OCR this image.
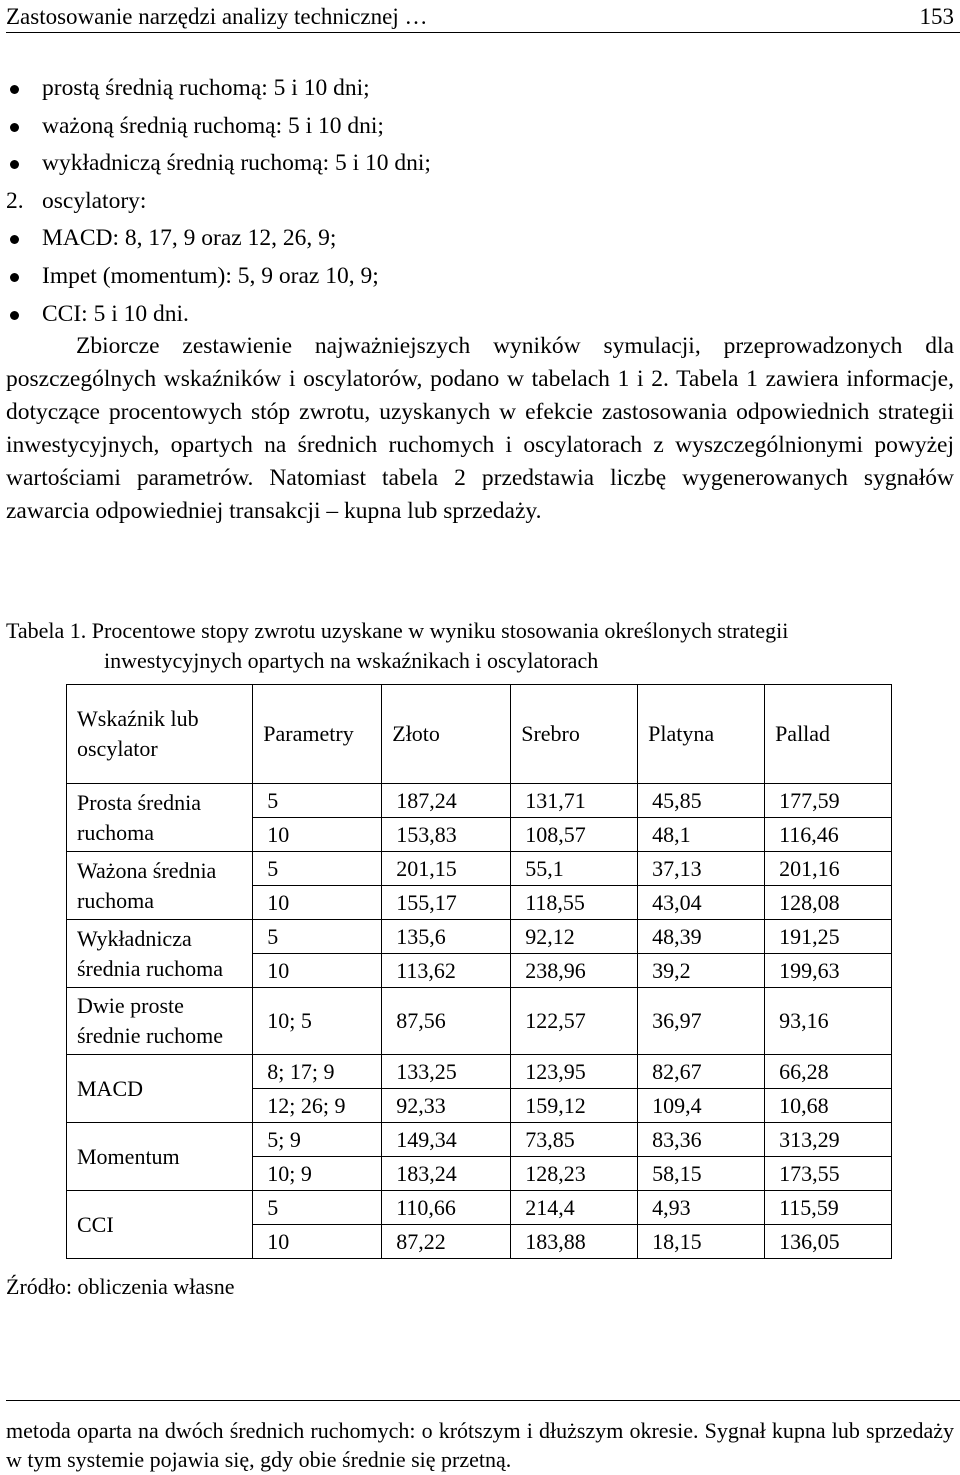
Zastosowanie narzędzi analizy technicznej …	153
prostą średnią ruchomą: 5 i 10 dni;
ważoną średnią ruchomą: 5 i 10 dni;
wykładniczą średnią ruchomą: 5 i 10 dni;
2. oscylatory:
MACD: 8, 17, 9 oraz 12, 26, 9;
Impet (momentum): 5, 9 oraz 10, 9;
CCI: 5 i 10 dni.
Zbiorcze zestawienie najważniejszych wyników symulacji, przeprowadzonych dla poszczególnych wskaźników i oscylatorów, podano w tabelach 1 i 2. Tabela 1 zawiera informacje, dotyczące procentowych stóp zwrotu, uzyskanych w efekcie zastosowania odpowiednich strategii inwestycyjnych, opartych na średnich ruchomych i oscylatorach z wyszczególnionymi powyżej wartościami parametrów. Natomiast tabela 2 przedstawia liczbę wygenerowanych sygnałów zawarcia odpowiedniej transakcji – kupna lub sprzedaży.
Tabela 1. Procentowe stopy zwrotu uzyskane w wyniku stosowania określonych strategii
inwestycyjnych opartych na wskaźnikach i oscylatorach
Wskaźnik lub oscylator	Parametry	Złoto	Srebro	Platyna	Pallad
Prosta średnia ruchoma	5	187,24	131,71	45,85	177,59
	10	153,83	108,57	48,1	116,46
Ważona średnia ruchoma	5	201,15	55,1	37,13	201,16
	10	155,17	118,55	43,04	128,08
Wykładnicza średnia ruchoma	5	135,6	92,12	48,39	191,25
	10	113,62	238,96	39,2	199,63
Dwie proste średnie ruchome	10; 5	87,56	122,57	36,97	93,16
MACD	8; 17; 9	133,25	123,95	82,67	66,28
	12; 26; 9	92,33	159,12	109,4	10,68
Momentum	5; 9	149,34	73,85	83,36	313,29
	10; 9	183,24	128,23	58,15	173,55
CCI	5	110,66	214,4	4,93	115,59
	10	87,22	183,88	18,15	136,05
Źródło: obliczenia własne
metoda oparta na dwóch średnich ruchomych: o krótszym i dłuższym okresie. Sygnał kupna lub sprzedaży w tym systemie pojawia się, gdy obie średnie się przetną.
